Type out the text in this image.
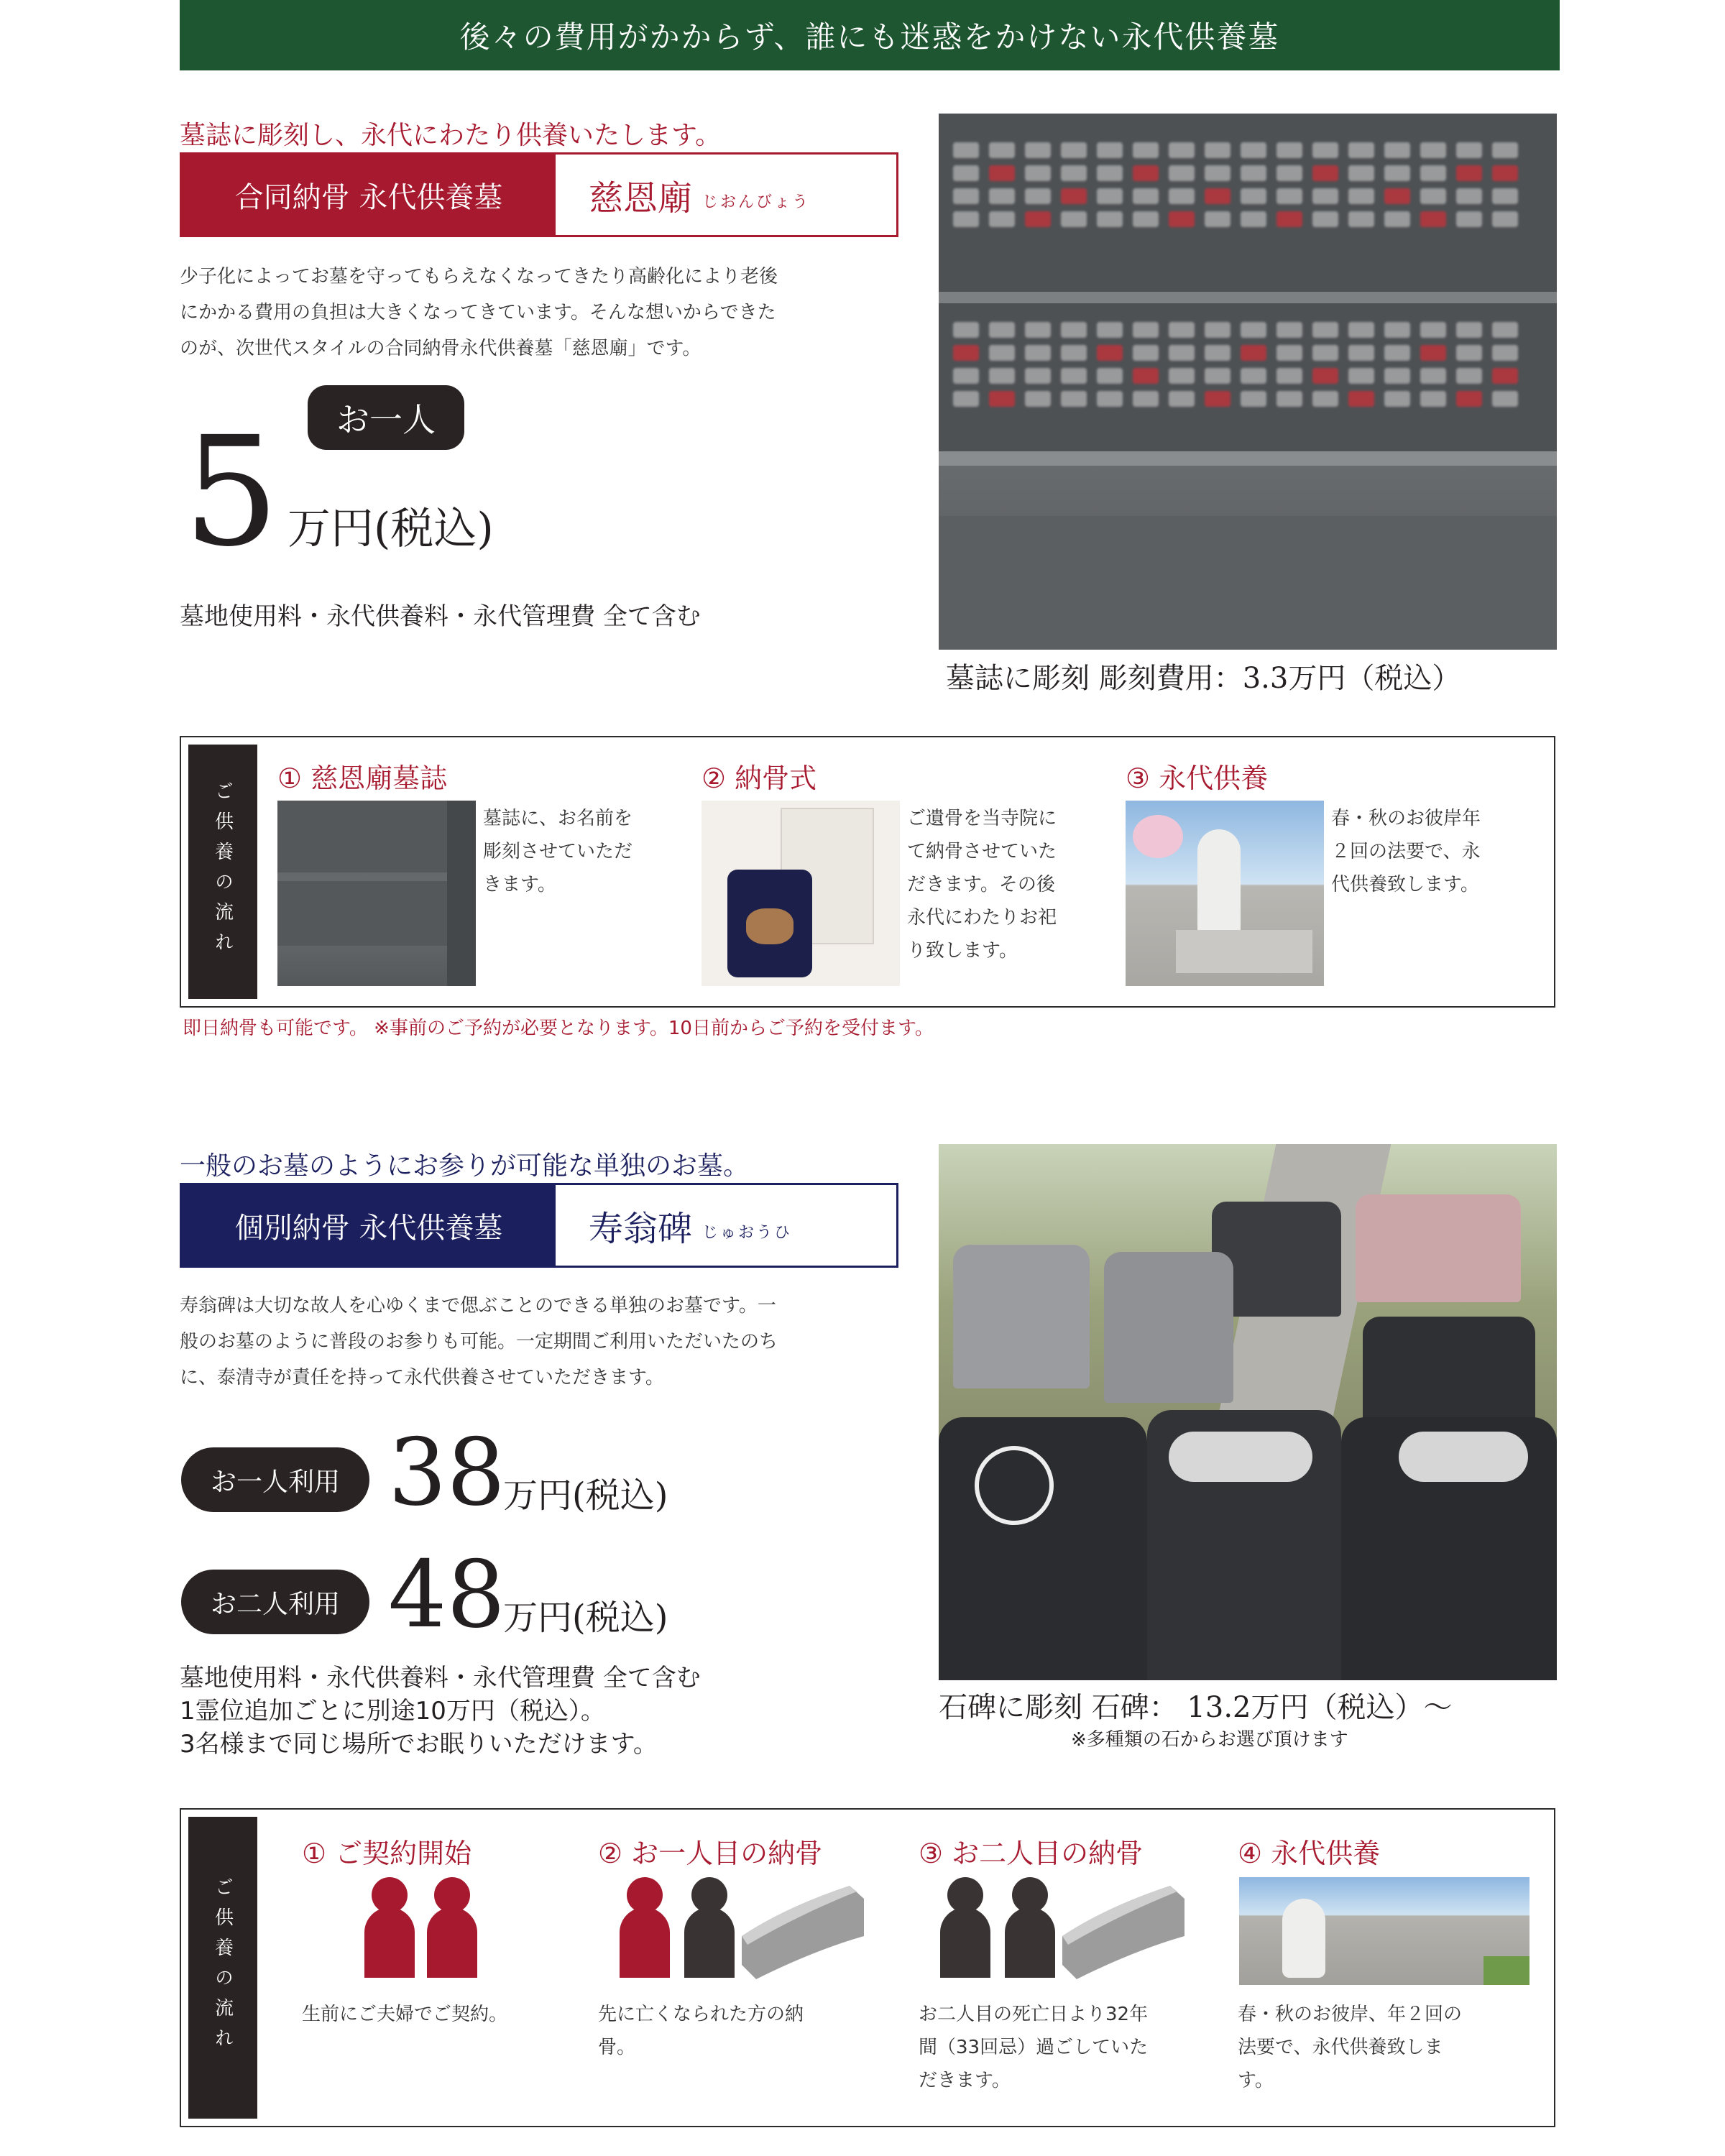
後々の費用がかからず、誰にも迷惑をかけない永代供養墓
墓誌に彫刻し、永代にわたり供養いたします。
合同納骨 永代供養墓	慈恩廟 じおんびょう
少子化によってお墓を守ってもらえなくなってきたり高齢化により老後
にかかる費用の負担は大きくなってきています。そんな想いからできた
のが、次世代スタイルの合同納骨永代供養墓「慈恩廟」です。
お一人
5 万円(税込)
墓地使用料・永代供養料・永代管理費 全て含む
墓誌に彫刻 彫刻費用：3.3万円（税込）
ご供養の流れ
① 慈恩廟墓誌
墓誌に、お名前を
彫刻させていただ
きます。
② 納骨式
ご遺骨を当寺院に
て納骨させていた
だきます。その後
永代にわたりお祀
り致します。
③ 永代供養
春・秋のお彼岸年
２回の法要で、永
代供養致します。
即日納骨も可能です。 ※事前のご予約が必要となります。10日前からご予約を受付ます。
一般のお墓のようにお参りが可能な単独のお墓。
個別納骨 永代供養墓	寿翁碑 じゅおうひ
寿翁碑は大切な故人を心ゆくまで偲ぶことのできる単独のお墓です。一
般のお墓のように普段のお参りも可能。一定期間ご利用いただいたのち
に、泰清寺が責任を持って永代供養させていただきます。
お一人利用 38
万円(税込)
お二人利用 48
万円(税込)
墓地使用料・永代供養料・永代管理費 全て含む
1霊位追加ごとに別途10万円（税込）。
3名様まで同じ場所でお眠りいただけます。
石碑に彫刻 石碑： 13.2万円（税込）～
※多種類の石からお選び頂けます
ご供養の流れ
① ご契約開始
生前にご夫婦でご契約。
② お一人目の納骨
先に亡くなられた方の納
骨。
③ お二人目の納骨
お二人目の死亡日より32年
間（33回忌）過ごしていた
だきます。
④ 永代供養
春・秋のお彼岸、年２回の
法要で、永代供養致しま
す。
